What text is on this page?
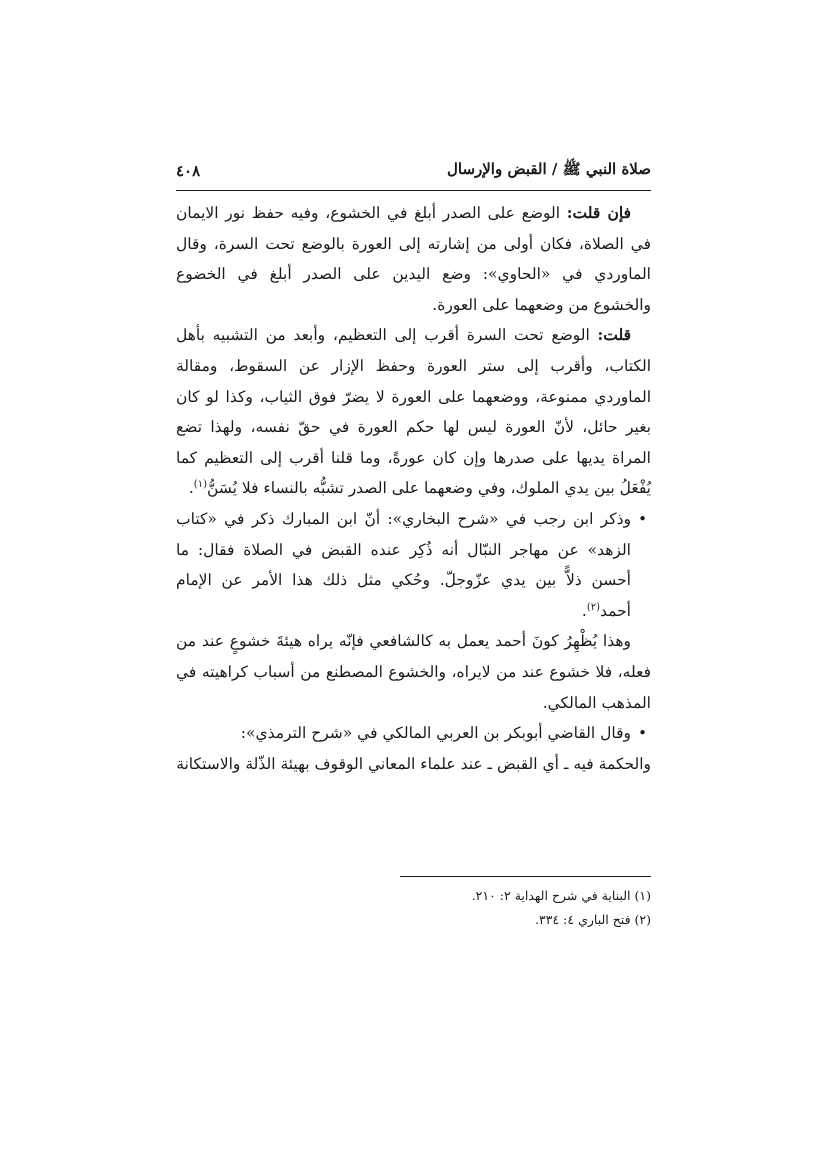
صلاة النبي ﷺ / القبض والإرسال
٤٠٨

فإن قلت: الوضع على الصدر أبلغ في الخشوع، وفيه حفظ نور الايمان في الصلاة، فكان أولى من إشارته إلى العورة بالوضع تحت السرة، وقال الماوردي في «الحاوي»: وضع اليدين على الصدر أبلغ في الخضوع والخشوع من وضعهما على العورة.

قلت: الوضع تحت السرة أقرب إلى التعظيم، وأبعد من التشبيه بأهل الكتاب، وأقرب إلى ستر العورة وحفظ الإزار عن السقوط، ومقالة الماوردي ممنوعة، ووضعهما على العورة لا يضرّ فوق الثياب، وكذا لو كان بغير حائل، لأنّ العورة ليس لها حكم العورة في حقّ نفسه، ولهذا تضع المراة يديها على صدرها وإن كان عورةً، وما قلنا أقرب إلى التعظيم كما يُفْعَلُ بين يدي الملوك، وفي وضعهما على الصدر تشبُّه بالنساء فلا يُسَنُّ$^{(١)}$.

•
وذكر ابن رجب في «شرح البخاري»: أنّ ابن المبارك ذكر في «كتاب الزهد» عن مهاجر النبّال أنه ذُكِر عنده القبض في الصلاة فقال: ما أحسن ذلاًّ بين يدي عزّوجلّ. وحُكي مثل ذلك هذا الأمر عن الإمام أحمد$^{(٢)}$.

وهذا يُظْهِرُ كونَ أحمد يعمل به كالشافعي فإنّه يراه هيئةَ خشوعٍ عند من فعله، فلا خشوع عند من لايراه، والخشوع المصطنع من أسباب كراهيته في المذهب المالكي.

•
وقال القاضي أبوبكر بن العربي المالكي في «شرح الترمذي»:

والحكمة فيه ـ أي القبض ـ عند علماء المعاني الوقوف بهيئة الذّلة والاستكانة

(١) البناية في شرح الهداية ٢: ٢١٠.

(٢) فتح الباري ٤: ٣٣٤.
